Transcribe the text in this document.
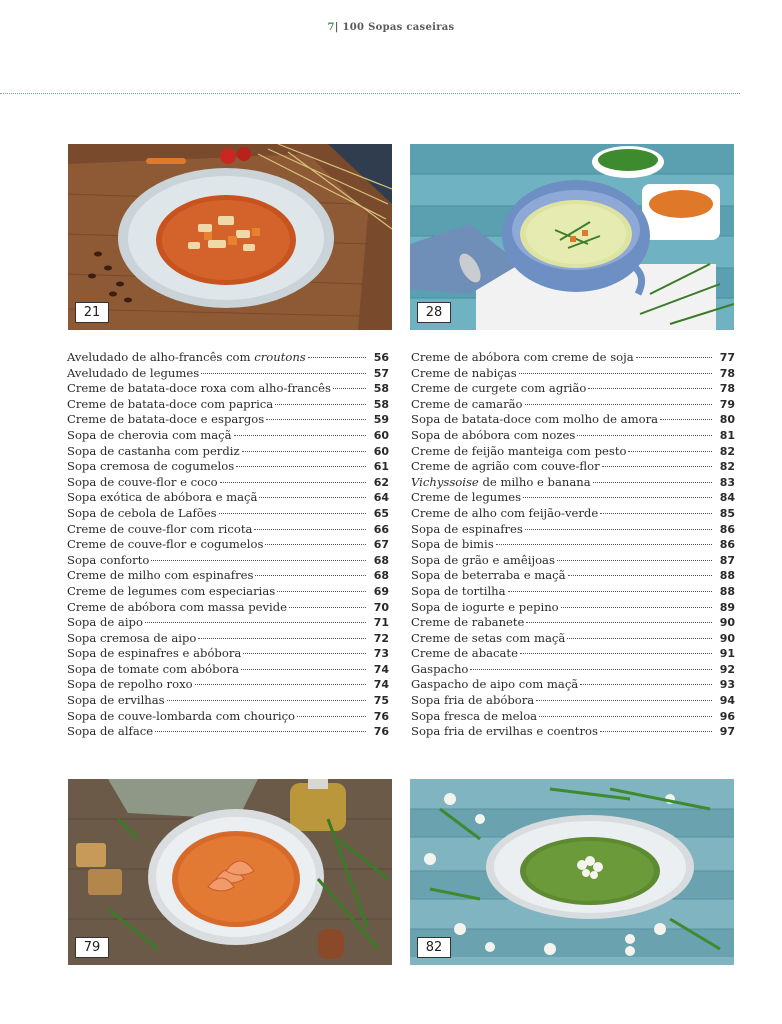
7| 100 Sopas caseiras
21	28
Aveludado de alho-francês com croutons	56
Aveludado de legumes	57
Creme de batata-doce roxa com alho-francês	58
Creme de batata-doce com paprica	58
Creme de batata-doce e espargos	59
Sopa de cherovia com maçã	60
Sopa de castanha com perdiz	60
Sopa cremosa de cogumelos	61
Sopa de couve-flor e coco	62
Sopa exótica de abóbora e maçã	64
Sopa de cebola de Lafões	65
Creme de couve-flor com ricota	66
Creme de couve-flor e cogumelos	67
Sopa conforto	68
Creme de milho com espinafres	68
Creme de legumes com especiarias	69
Creme de abóbora com massa pevide	70
Sopa de aipo	71
Sopa cremosa de aipo	72
Sopa de espinafres e abóbora	73
Sopa de tomate com abóbora	74
Sopa de repolho roxo	74
Sopa de ervilhas	75
Sopa de couve-lombarda com chouriço	76
Sopa de alface	76
Creme de abóbora com creme de soja	77
Creme de nabiças	78
Creme de curgete com agrião	78
Creme de camarão	79
Sopa de batata-doce com molho de amora	80
Sopa de abóbora com nozes	81
Creme de feijão manteiga com pesto	82
Creme de agrião com couve-flor	82
Vichyssoise de milho e banana	83
Creme de legumes	84
Creme de alho com feijão-verde	85
Sopa de espinafres	86
Sopa de bimis	86
Sopa de grão e amêijoas	87
Sopa de beterraba e maçã	88
Sopa de tortilha	88
Sopa de iogurte e pepino	89
Creme de rabanete	90
Creme de setas com maçã	90
Creme de abacate	91
Gaspacho	92
Gaspacho de aipo com maçã	93
Sopa fria de abóbora	94
Sopa fresca de meloa	96
Sopa fria de ervilhas e coentros	97
79	82
